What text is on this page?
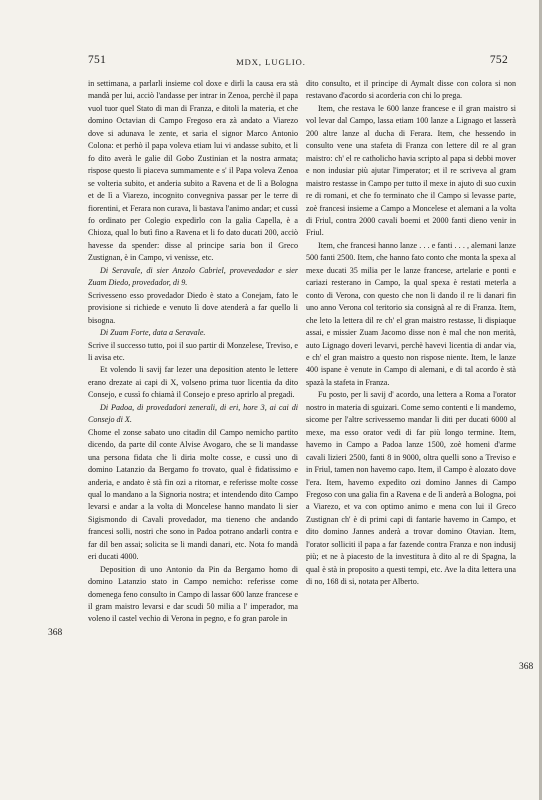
751	MDX, LUGLIO.	752

in settimana, a parlarli insieme col doxe e dirli la causa era stà mandà per lui, acciò l'andasse per intrar in Zenoa, perchè il papa vuol tuor quel Stato di man di Franza, e ditoli la materia, et che domino Octavian di Campo Fregoso era zà andato a Viarezo dove si adunava le zente, et saria el signor Marco Antonio Colona: et perhò il papa voleva etiam lui vi andasse subito, et li fo dito averà le galie dil Gobo Zustinian et la nostra armata; rispose questo li piaceva summamente e s' il Papa voleva Zenoa se volteria subito, et anderia subito a Ravena et de lì a Bologna et de lì a Viarezo, incognito convegniva passar per le terre di fiorentini, et Ferara non curava, li bastava l'animo andar; et cussì fo ordinato per Colegio expedirlo con la galia Capella, è a Chioza, qual lo butì fino a Ravena et li fo dato ducati 200, acciò havesse da spender: disse al principe saria bon il Greco Zustignan, è in Campo, vi venisse, etc.

Di Seravale, di sier Anzolo Cabriel, provevedador e sier Zuam Diedo, provedador, di 9.

Scrivesseno esso provedador Diedo è stato a Conejam, fato le provisione si richiede e venuto lì dove atenderà a far quello li bisogna.

Di Zuam Forte, data a Seravale.

Scrive il successo tutto, poi il suo partir di Monzelese, Treviso, e li avisa etc.

Et volendo li savij far lezer una deposition atento le lettere erano drezate ai capi di X, volseno prima tuor licentia da dito Consejo, e cussì fo chiamà il Consejo e preso aprirlo al pregadi.

Di Padoa, di provedadori zenerali, di eri, hore 3, ai cai di Consejo di X.

Chome el zonse sabato uno citadin dil Campo nemicho partito dicendo, da parte dil conte Alvise Avogaro, che se li mandasse una persona fidata che li diria molte cosse, e cussì uno di domino Latanzio da Bergamo fo trovato, qual è fidatissimo e anderia, e andato è stà fin ozi a ritornar, e referisse molte cosse qual lo mandano a la Signoria nostra; et intendendo dito Campo levarsi e andar a la volta di Moncelese hanno mandato li sier Sigismondo di Cavali provedador, ma tieneno che andando francesi solli, nostri che sono in Padoa potrano andarli contra e far dil ben assai; solicita se li mandi danari, etc. Nota fo mandà eri ducati 4000.

Deposition di uno Antonio da Pin da Bergamo homo di domino Latanzio stato in Campo nemicho: referisse come domenega feno consulto in Campo di lassar 600 lanze francese e il gram maistro levarsi e dar scudi 50 milia a l' imperador, ma voleno il castel vechio di Verona in pegno, e fo gran parole in

dito consulto, et il principe di Aymalt disse con colora si non restavano d'acordo si acorderia con chi lo prega.

Item, che restava le 600 lanze francese e il gran maistro si vol levar dal Campo, lassa etiam 100 lanze a Lignago et lasserà 200 altre lanze al ducha di Ferara. Item, che hessendo in consulto vene una stafeta di Franza con lettere dil re al gran maistro: ch' el re catholicho havia scripto al papa si debbi mover e non indusiar più ajutar l'imperator; et il re scriveva al gram maistro restasse in Campo per tutto il mexe in ajuto di suo cuxin re di romani, et che fo terminato che il Campo si levasse parte, zoè francesi insieme a Campo a Moncelese et alemani a la volta di Friul, contra 2000 cavali boemi et 2000 fanti dieno venir in Friul.

Item, che francesi hanno lanze . . . e fanti . . . , alemani lanze 500 fanti 2500. Item, che hanno fato conto che monta la spexa al mexe ducati 35 milia per le lanze francese, artelarie e ponti e cariazi resterano in Campo, la qual spexa è restati meterla a conto di Verona, con questo che non li dando il re li danari fin uno anno Verona col teritorio sia consignà al re di Franza. Item, che leto la lettera dil re ch' el gran maistro restasse, li dispiaque assai, e missier Zuam Jacomo disse non è mal che non merità, auto Lignago doveri levarvi, perchè havevi licentia di andar via, e ch' el gran maistro a questo non rispose niente. Item, le lanze 400 ispane è venute in Campo di alemani, e di tal acordo è stà spazà la stafeta in Franza.

Fu posto, per li savij d' acordo, una lettera a Roma a l'orator nostro in materia di sguizari. Come semo contenti e li mandemo, sicome per l'altre scrivessemo mandar li diti per ducati 6000 al mexe, ma esso orator vedi di far più longo termine. Item, havemo in Campo a Padoa lanze 1500, zoè homeni d'arme cavali lizieri 2500, fanti 8 in 9000, oltra quelli sono a Treviso e in Friul, tamen non havemo capo. Item, il Campo è alozato dove l'era. Item, havemo expedito ozi domino Jannes di Campo Fregoso con una galia fin a Ravena e de lì anderà a Bologna, poi a Viarezo, et va con optimo animo e mena con lui il Greco Zustignan ch' è di primi capi di fantarie havemo in Campo, et dito domino Jannes anderà a trovar domino Otavian. Item, l'orator solliciti il papa a far fazende contra Franza e non indusij più; et ne à piacesto de la investitura à dito al re di Spagna, la qual è stà in proposito a questi tempi, etc. Ave la dita lettera una di no, 168 di si, notata per Alberto.

368
368
